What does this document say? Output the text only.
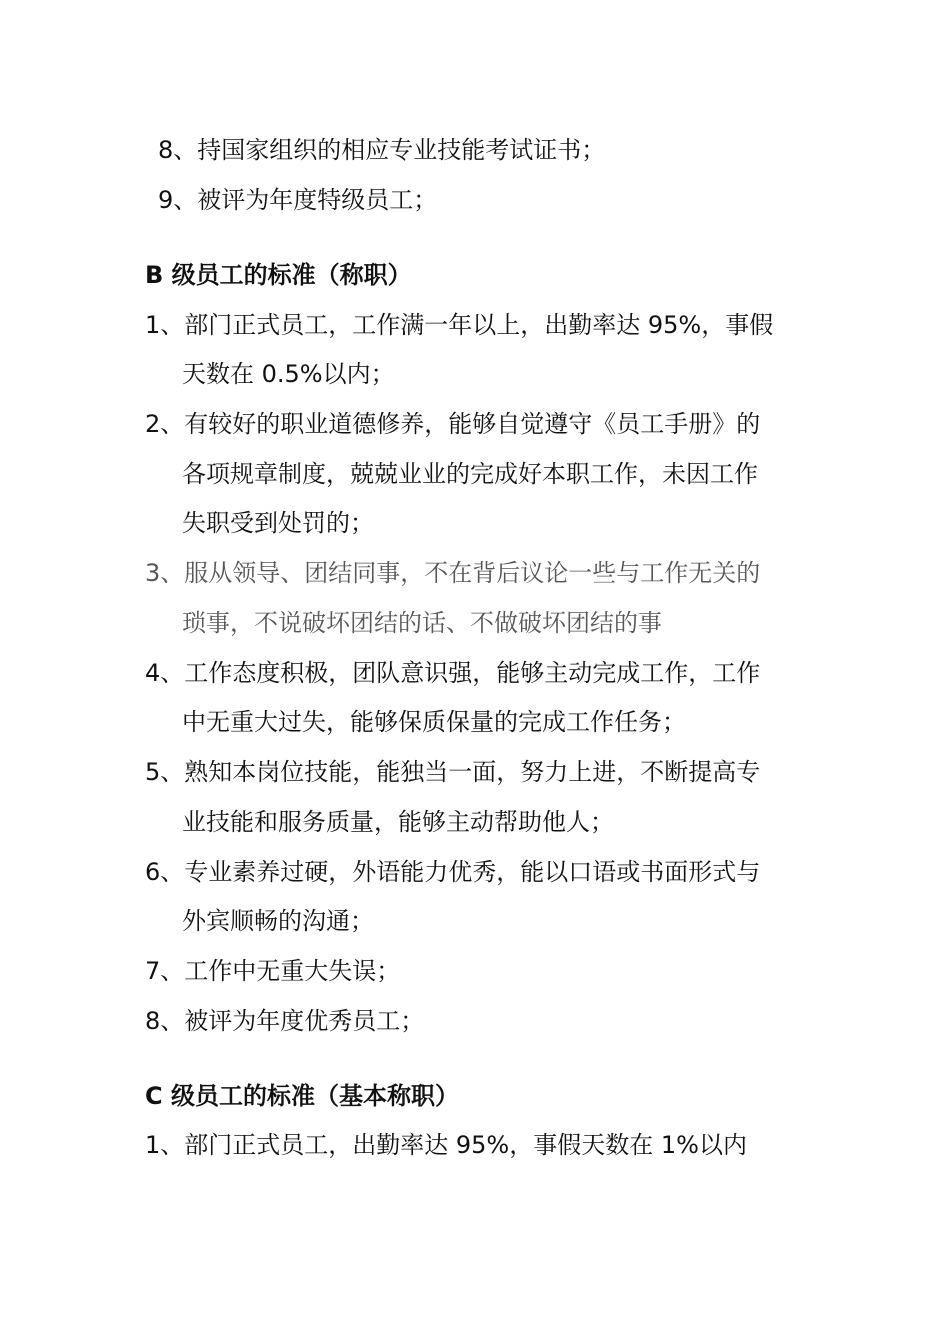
8、持国家组织的相应专业技能考试证书；
9、被评为年度特级员工；
B 级员工的标准（称职）
1、部门正式员工，工作满一年以上，出勤率达 95%，事假
天数在 0.5%以内；
2、有较好的职业道德修养，能够自觉遵守《员工手册》的
各项规章制度，兢兢业业的完成好本职工作，未因工作
失职受到处罚的；
3、服从领导、团结同事，不在背后议论一些与工作无关的
琐事，不说破坏团结的话、不做破坏团结的事
4、工作态度积极，团队意识强，能够主动完成工作，工作
中无重大过失，能够保质保量的完成工作任务；
5、熟知本岗位技能，能独当一面，努力上进，不断提高专
业技能和服务质量，能够主动帮助他人；
6、专业素养过硬，外语能力优秀，能以口语或书面形式与
外宾顺畅的沟通；
7、工作中无重大失误；
8、被评为年度优秀员工；
C 级员工的标准（基本称职）
1、部门正式员工，出勤率达 95%，事假天数在 1%以内
